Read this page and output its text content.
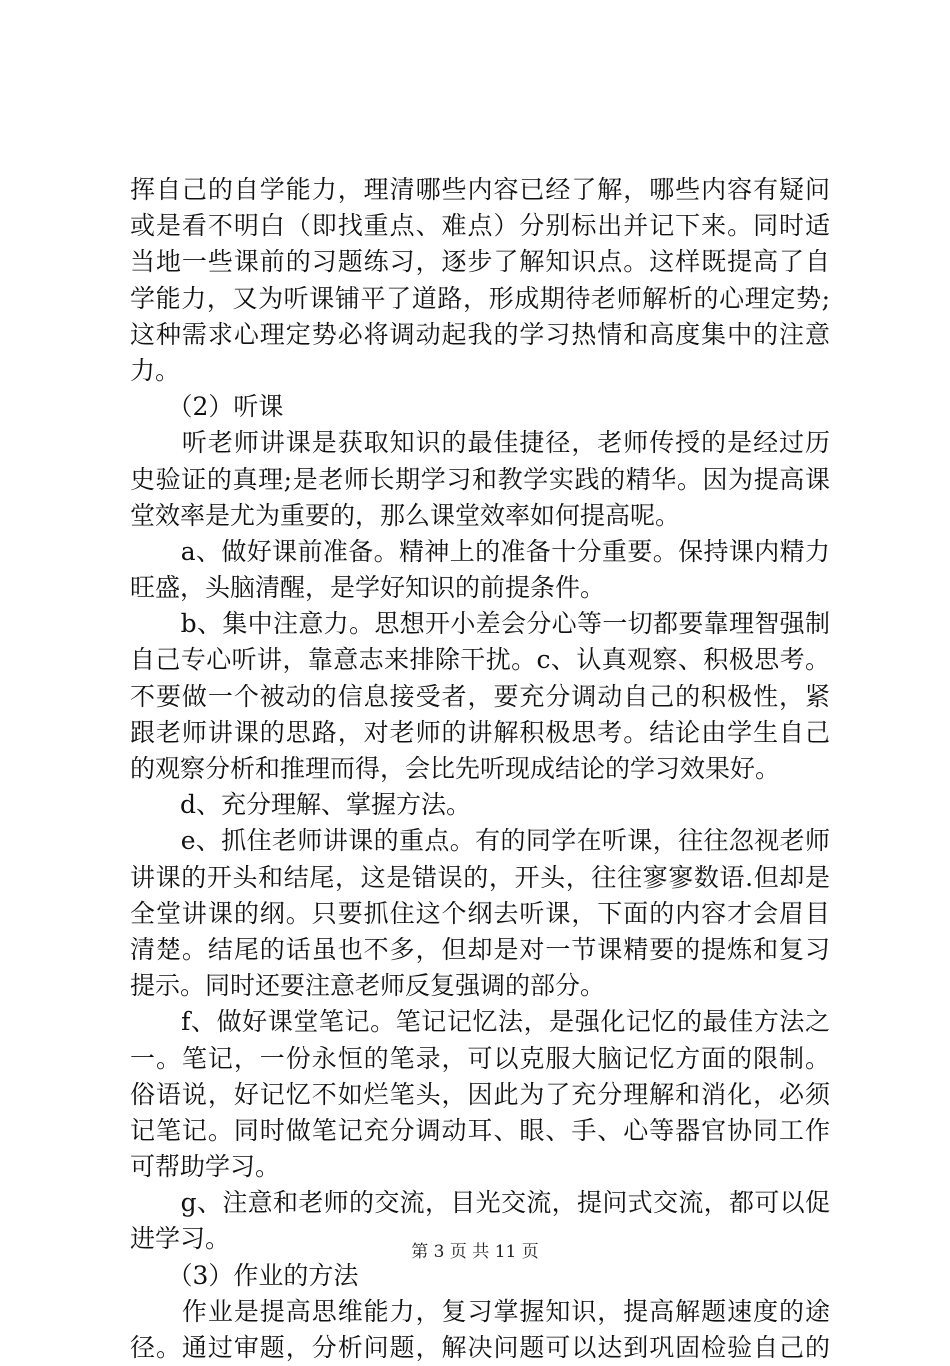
挥自己的自学能力，理清哪些内容已经了解，哪些内容有疑问
或是看不明白（即找重点、难点）分别标出并记下来。同时适
当地一些课前的习题练习，逐步了解知识点。这样既提高了自
学能力，又为听课铺平了道路，形成期待老师解析的心理定势;
这种需求心理定势必将调动起我的学习热情和高度集中的注意
力。
　　（2）听课
　　听老师讲课是获取知识的最佳捷径，老师传授的是经过历
史验证的真理;是老师长期学习和教学实践的精华。因为提高课
堂效率是尤为重要的，那么课堂效率如何提高呢。
　　a、做好课前准备。精神上的准备十分重要。保持课内精力
旺盛，头脑清醒，是学好知识的前提条件。
　　b、集中注意力。思想开小差会分心等一切都要靠理智强制
自己专心听讲，靠意志来排除干扰。c、认真观察、积极思考。
不要做一个被动的信息接受者，要充分调动自己的积极性，紧
跟老师讲课的思路，对老师的讲解积极思考。结论由学生自己
的观察分析和推理而得，会比先听现成结论的学习效果好。
　　d、充分理解、掌握方法。
　　e、抓住老师讲课的重点。有的同学在听课，往往忽视老师
讲课的开头和结尾，这是错误的，开头，往往寥寥数语.但却是
全堂讲课的纲。只要抓住这个纲去听课，下面的内容才会眉目
清楚。结尾的话虽也不多，但却是对一节课精要的提炼和复习
提示。同时还要注意老师反复强调的部分。
　　f、做好课堂笔记。笔记记忆法，是强化记忆的最佳方法之
一。笔记，一份永恒的笔录，可以克服大脑记忆方面的限制。
俗语说，好记忆不如烂笔头，因此为了充分理解和消化，必须
记笔记。同时做笔记充分调动耳、眼、手、心等器官协同工作
可帮助学习。
　　g、注意和老师的交流，目光交流，提问式交流，都可以促
进学习。
　　（3）作业的方法
　　作业是提高思维能力，复习掌握知识，提高解题速度的途
径。通过审题，分析问题，解决问题可以达到巩固检验自己的
第 3 页 共 11 页
